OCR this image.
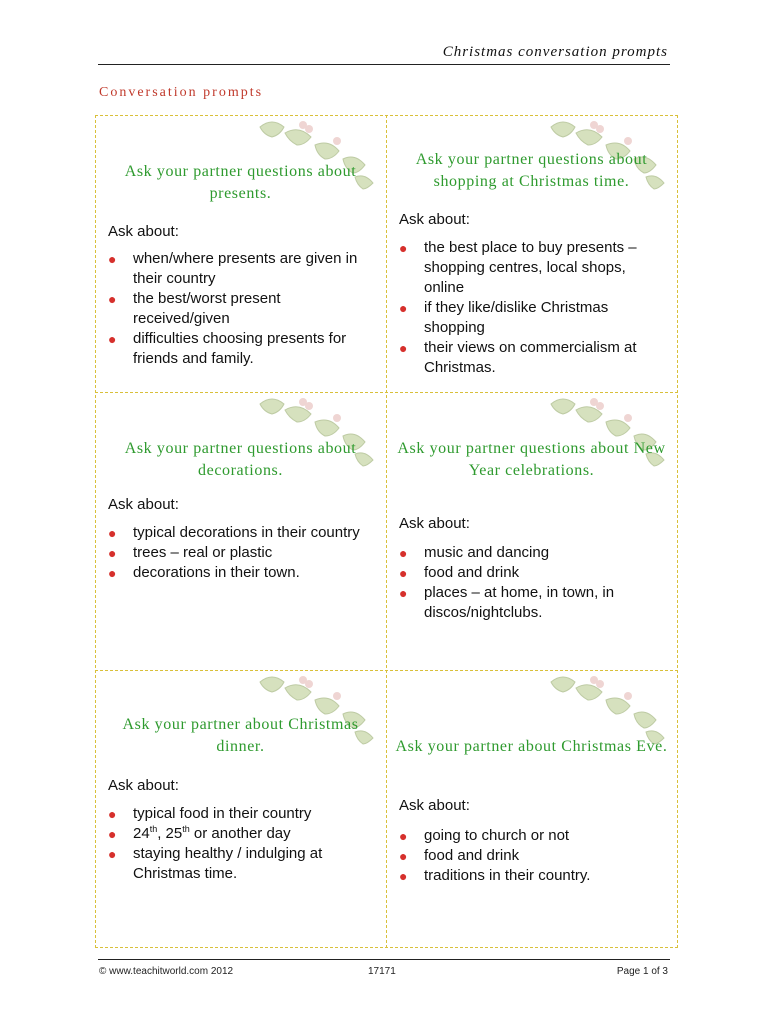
Christmas conversation prompts
Conversation prompts
Ask your partner questions about presents.
Ask about:
● when/where presents are given in their country
● the best/worst present received/given
● difficulties choosing presents for friends and family.
Ask your partner questions about shopping at Christmas time.
Ask about:
● the best place to buy presents – shopping centres, local shops, online
● if they like/dislike Christmas shopping
● their views on commercialism at Christmas.
Ask your partner questions about decorations.
Ask about:
● typical decorations in their country
● trees – real or plastic
● decorations in their town.
Ask your partner questions about New Year celebrations.
Ask about:
● music and dancing
● food and drink
● places – at home, in town, in discos/nightclubs.
Ask your partner about Christmas dinner.
Ask about:
● typical food in their country
● 24th, 25th or another day
● staying healthy / indulging at Christmas time.
Ask your partner about Christmas Eve.
Ask about:
● going to church or not
● food and drink
● traditions in their country.
© www.teachitworld.com 2012	17171	Page 1 of 3
